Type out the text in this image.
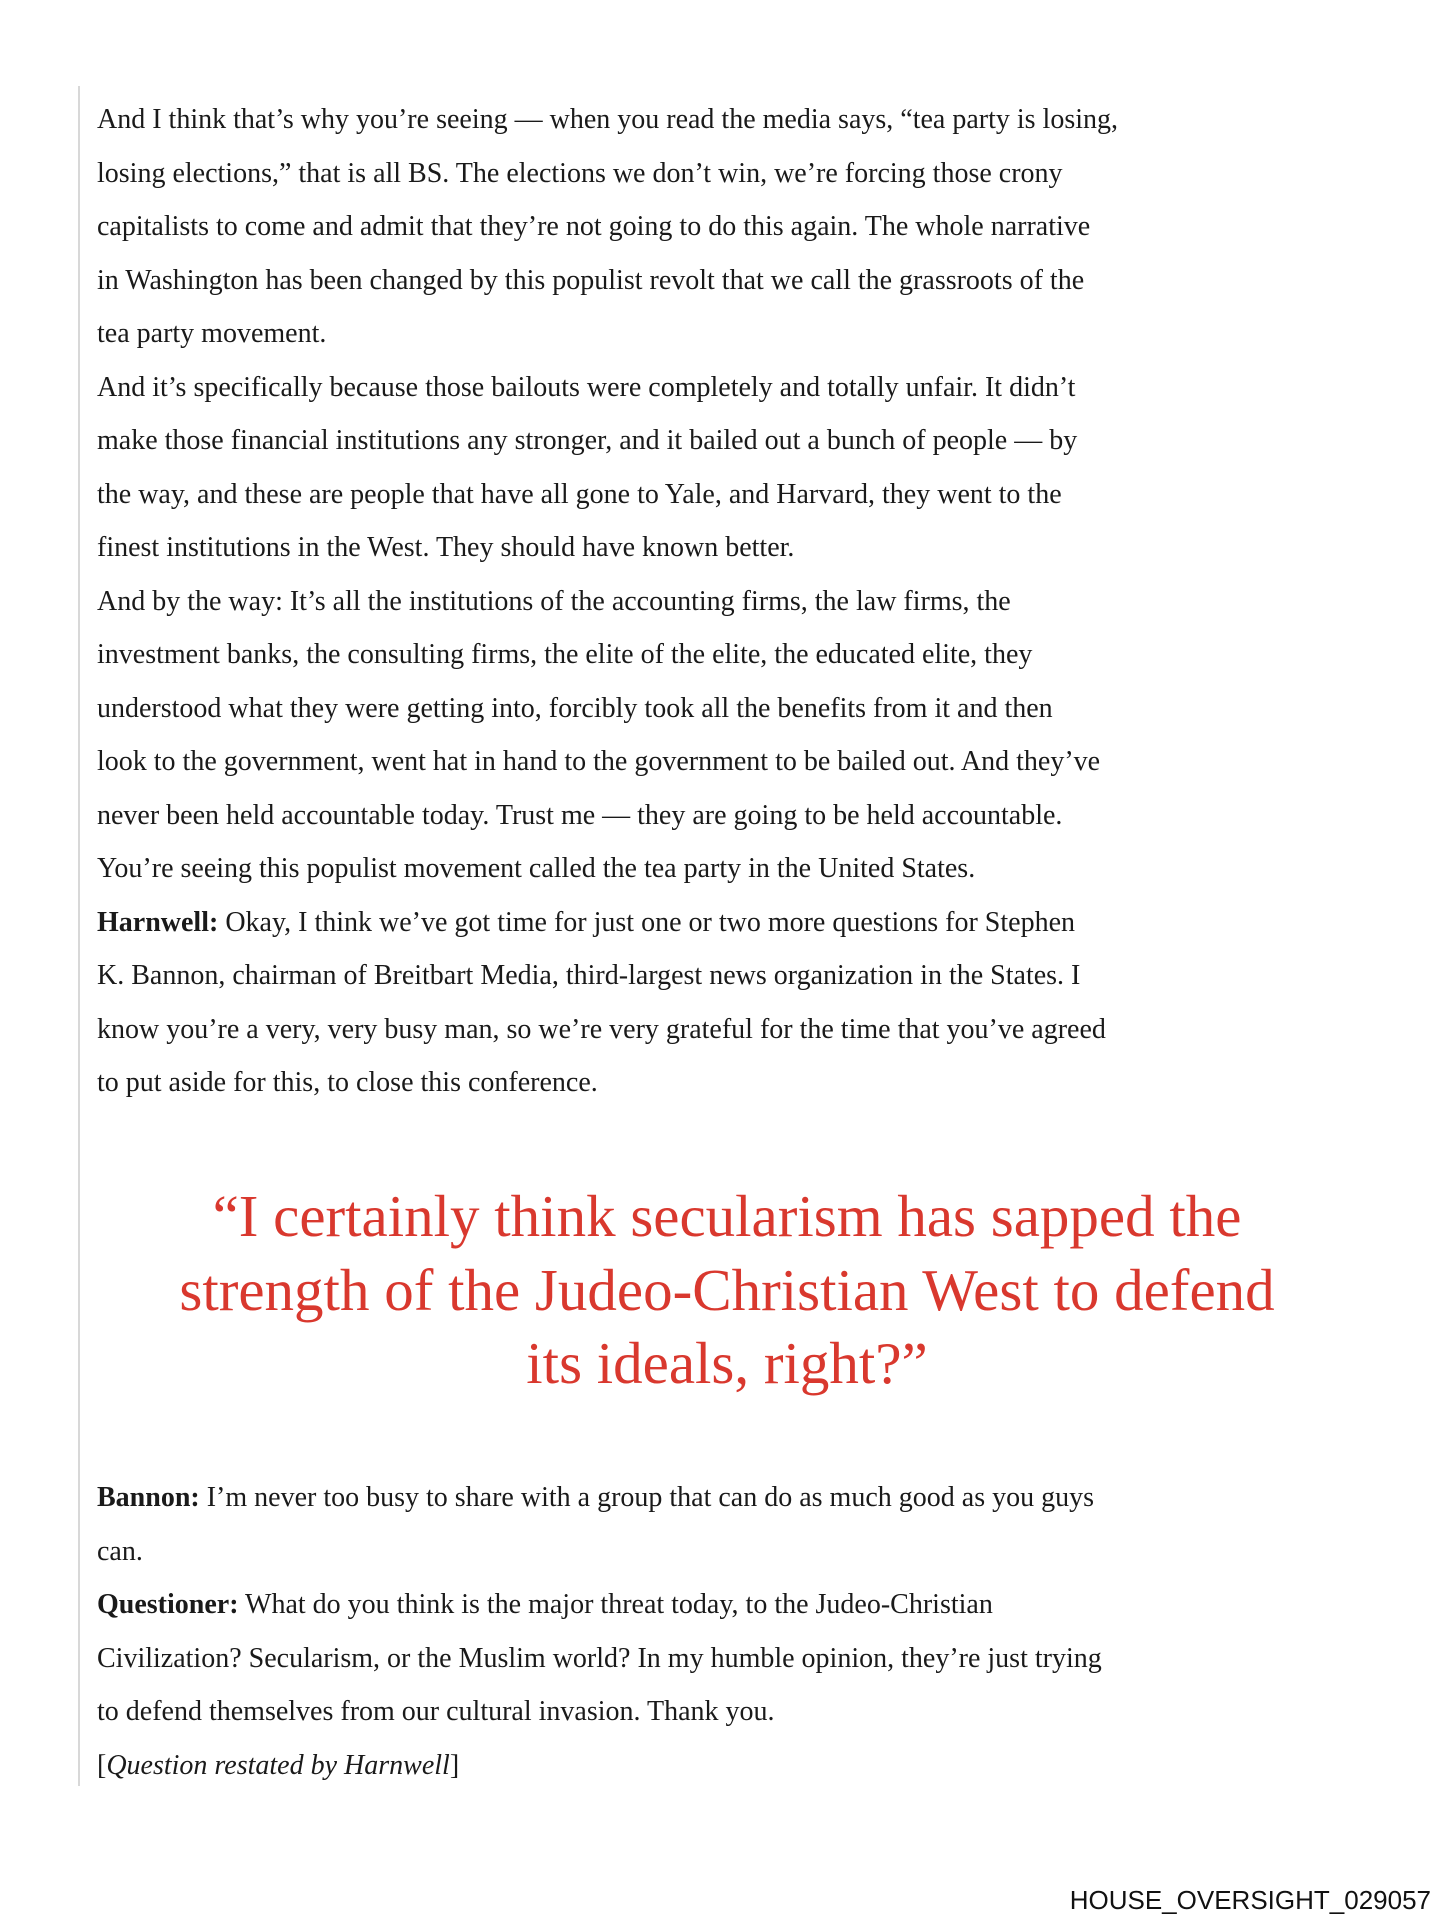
And I think that’s why you’re seeing — when you read the media says, “tea party is losing,
losing elections,” that is all BS. The elections we don’t win, we’re forcing those crony
capitalists to come and admit that they’re not going to do this again. The whole narrative
in Washington has been changed by this populist revolt that we call the grassroots of the
tea party movement.
And it’s specifically because those bailouts were completely and totally unfair. It didn’t
make those financial institutions any stronger, and it bailed out a bunch of people — by
the way, and these are people that have all gone to Yale, and Harvard, they went to the
finest institutions in the West. They should have known better.
And by the way: It’s all the institutions of the accounting firms, the law firms, the
investment banks, the consulting firms, the elite of the elite, the educated elite, they
understood what they were getting into, forcibly took all the benefits from it and then
look to the government, went hat in hand to the government to be bailed out. And they’ve
never been held accountable today. Trust me — they are going to be held accountable.
You’re seeing this populist movement called the tea party in the United States.
Harnwell: Okay, I think we’ve got time for just one or two more questions for Stephen
K. Bannon, chairman of Breitbart Media, third-largest news organization in the States. I
know you’re a very, very busy man, so we’re very grateful for the time that you’ve agreed
to put aside for this, to close this conference.
“I certainly think secularism has sapped the
strength of the Judeo-Christian West to defend
its ideals, right?”
Bannon: I’m never too busy to share with a group that can do as much good as you guys
can.
Questioner: What do you think is the major threat today, to the Judeo-Christian
Civilization? Secularism, or the Muslim world? In my humble opinion, they’re just trying
to defend themselves from our cultural invasion. Thank you.
[Question restated by Harnwell]
HOUSE_OVERSIGHT_029057
